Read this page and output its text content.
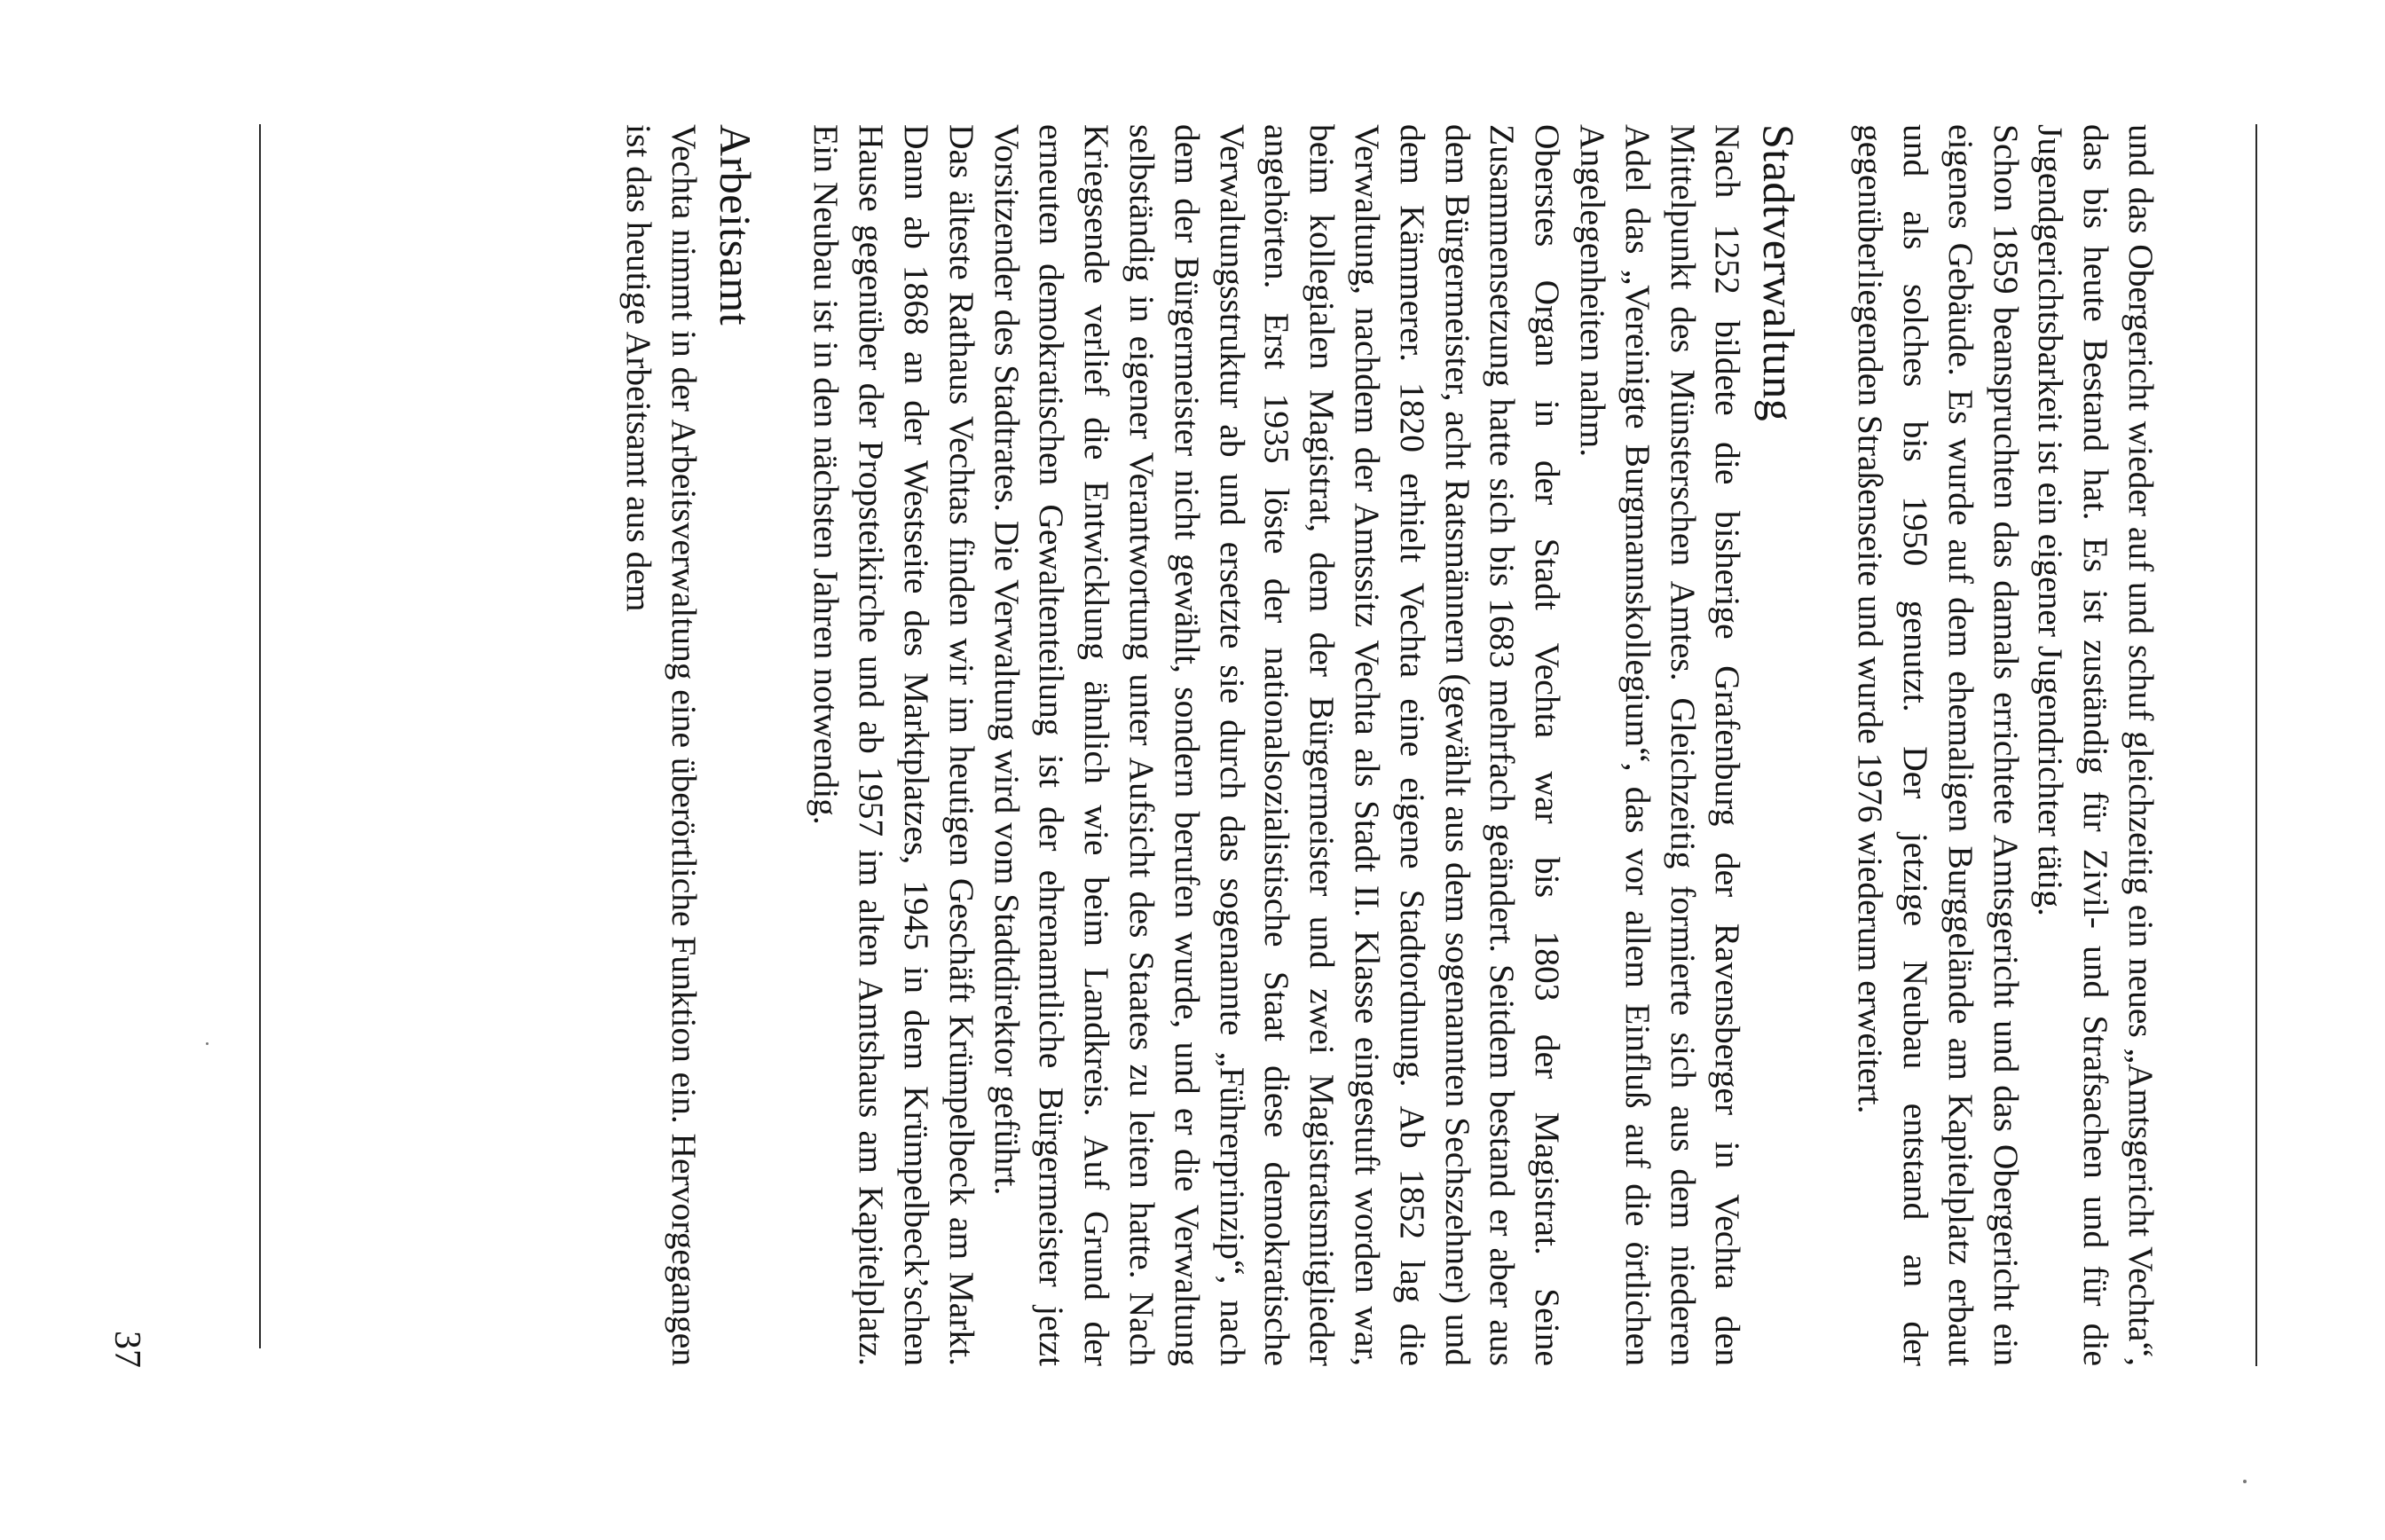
und das Obergericht wieder auf und schuf gleichzeitig ein neues „Amtsgericht Vechta“, das bis heute Bestand hat. Es ist zuständig für Zivil- und Strafsachen und für die Jugendgerichtsbarkeit ist ein eigener Jugendrichter tätig.

Schon 1859 beanspruchten das damals errichtete Amtsgericht und das Obergericht ein eigenes Gebäude. Es wurde auf dem ehemaligen Burggelände am Kapitelplatz erbaut und als solches bis 1950 genutzt. Der jetzige Neubau entstand an der gegenüberliegenden Straßenseite und wurde 1976 wiederum erweitert.

Stadtverwaltung

Nach 1252 bildete die bisherige Grafenburg der Ravensberger in Vechta den Mittelpunkt des Münsterschen Amtes. Gleichzeitig formierte sich aus dem niederen Adel das „Vereinigte Burgmannskollegium“, das vor allem Einfluß auf die örtlichen Angelegenheiten nahm.

Oberstes Organ in der Stadt Vechta war bis 1803 der Magistrat. Seine Zusammensetzung hatte sich bis 1683 mehrfach geändert. Seitdem bestand er aber aus dem Bürgermeister, acht Ratsmännern (gewählt aus dem sogenannten Sechszehner) und dem Kämmerer. 1820 erhielt Vechta eine eigene Stadtordnung. Ab 1852 lag die Verwaltung, nachdem der Amtssitz Vechta als Stadt II. Klasse eingestuft worden war, beim kollegialen Magistrat, dem der Bürgermeister und zwei Magistratsmitglieder angehörten. Erst 1935 löste der nationalsozialistische Staat diese demokratische Verwaltungsstruktur ab und ersetzte sie durch das sogenannte „Führerprinzip“, nach dem der Bürgermeister nicht gewählt, sondern berufen wurde, und er die Verwaltung selbständig in eigener Verantwortung unter Aufsicht des Staates zu leiten hatte. Nach Kriegsende verlief die Entwicklung ähnlich wie beim Landkreis. Auf Grund der erneuten demokratischen Gewaltenteilung ist der ehrenamtliche Bürgermeister jetzt Vorsitzender des Stadtrates. Die Verwaltung wird vom Stadtdirektor geführt.

Das älteste Rathaus Vechtas finden wir im heutigen Geschäft Krümpelbeck am Markt. Dann ab 1868 an der Westseite des Marktplatzes, 1945 in dem Krümpelbeck’schen Hause gegenüber der Propsteikirche und ab 1957 im alten Amtshaus am Kapitelplatz. Ein Neubau ist in den nächsten Jahren notwendig.

Arbeitsamt

Vechta nimmt in der Arbeitsverwaltung eine überörtliche Funktion ein. Hervorgegangen ist das heutige Arbeitsamt aus dem

37
